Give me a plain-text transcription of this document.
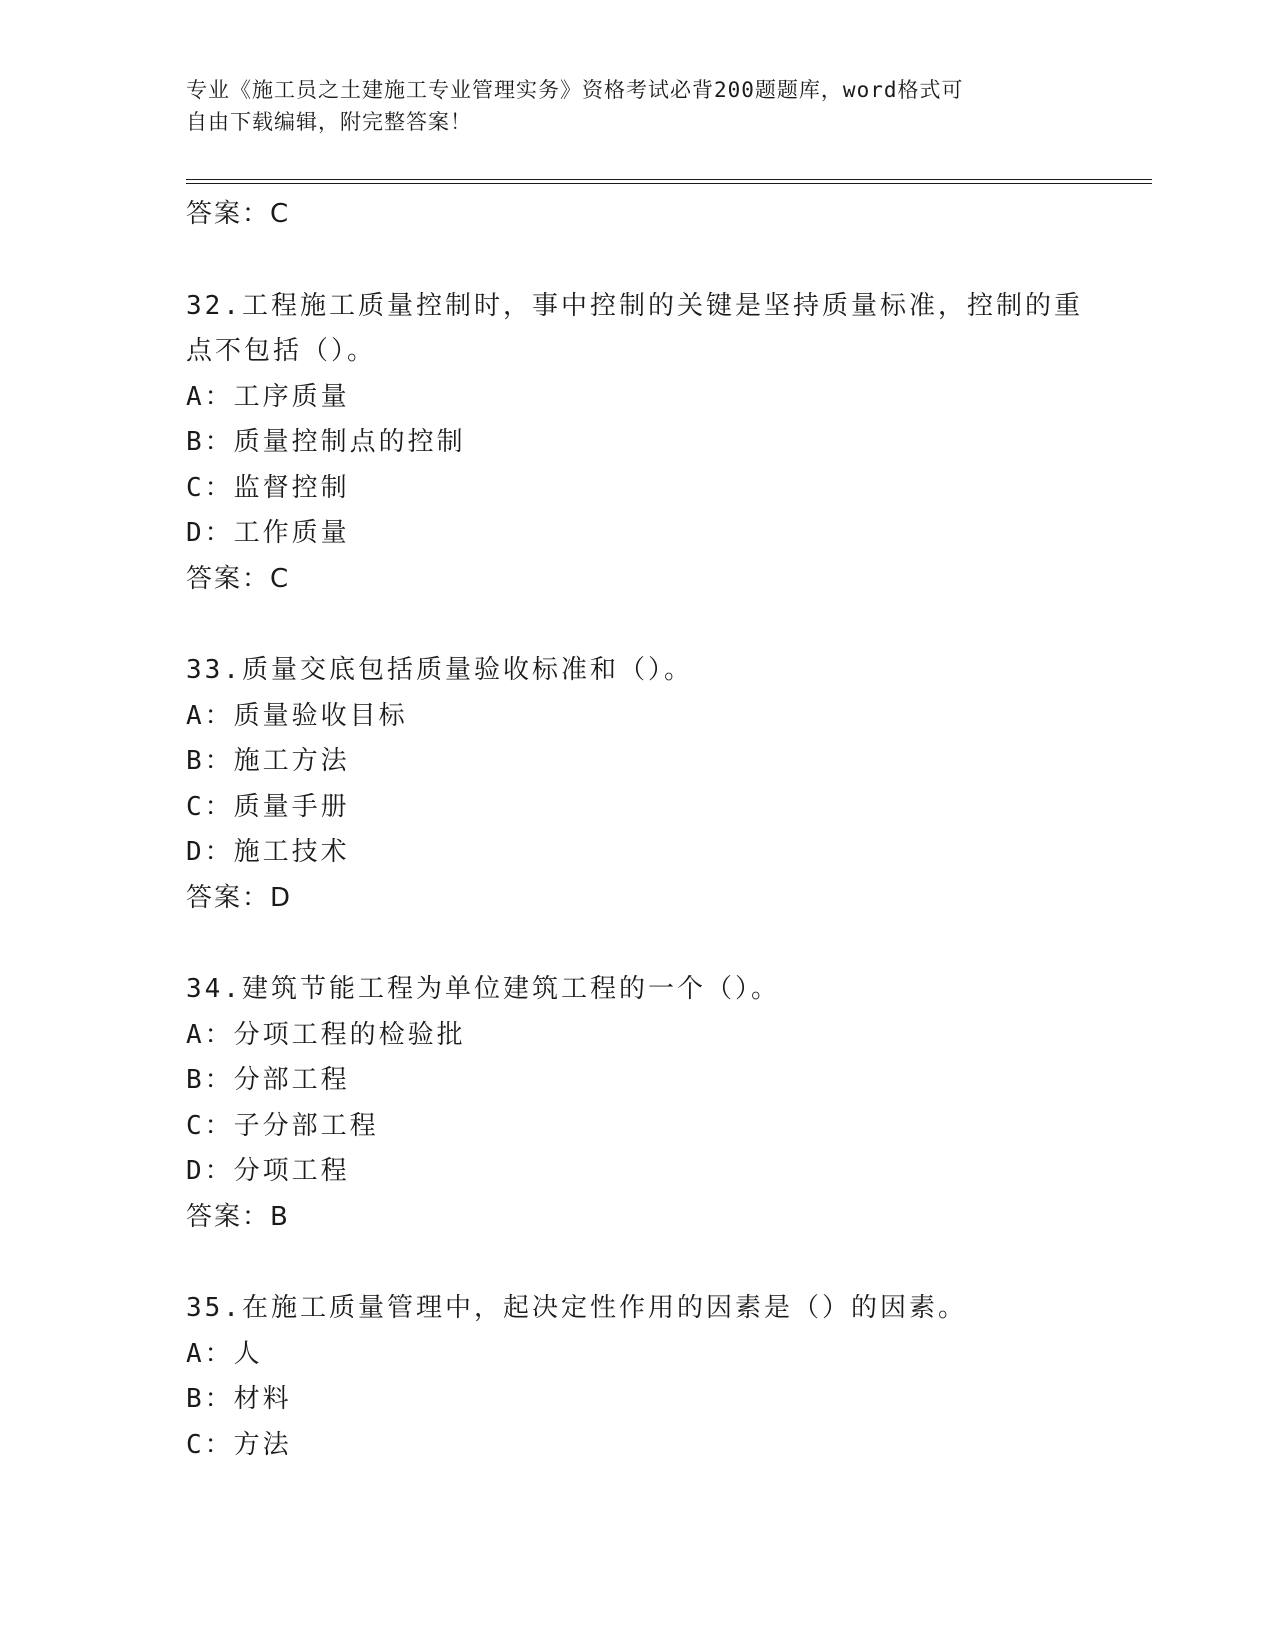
专业《施工员之土建施工专业管理实务》资格考试必背200题题库，word格式可
自由下载编辑，附完整答案！
答案：C
32.工程施工质量控制时，事中控制的关键是坚持质量标准，控制的重
点不包括（）。
A：工序质量
B：质量控制点的控制
C：监督控制
D：工作质量
答案：C
33.质量交底包括质量验收标准和（）。
A：质量验收目标
B：施工方法
C：质量手册
D：施工技术
答案：D
34.建筑节能工程为单位建筑工程的一个（）。
A：分项工程的检验批
B：分部工程
C：子分部工程
D：分项工程
答案：B
35.在施工质量管理中，起决定性作用的因素是（）的因素。
A：人
B：材料
C：方法
